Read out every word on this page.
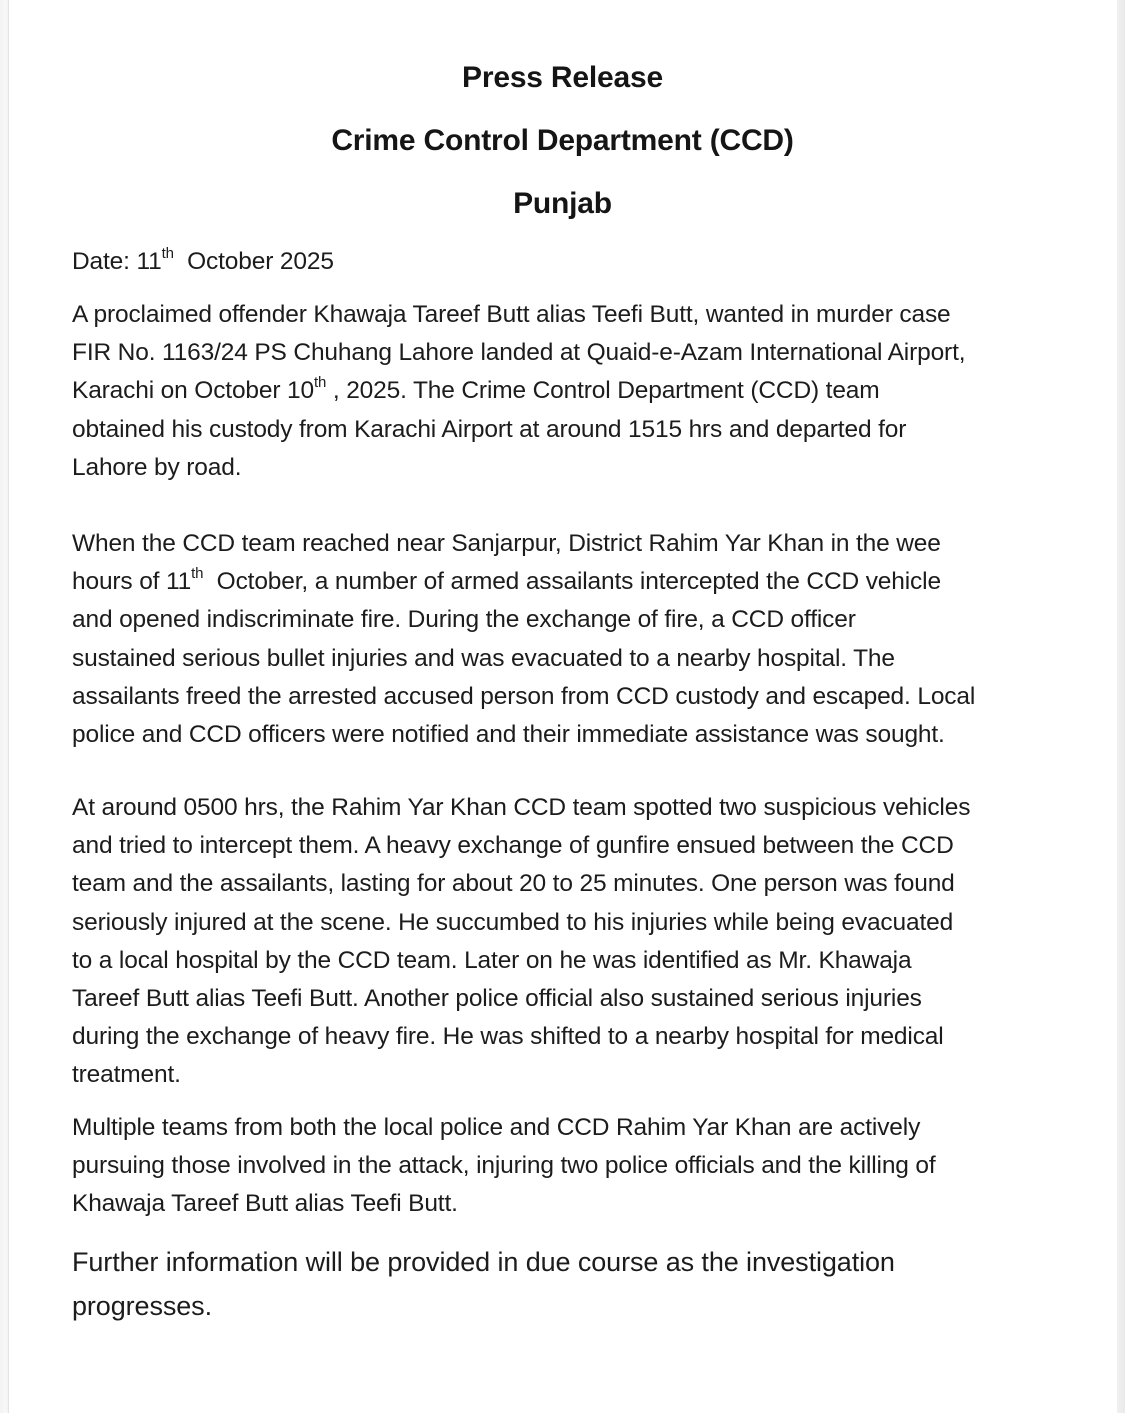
Press Release
Crime Control Department (CCD)
Punjab

Date: 11th  October 2025

A proclaimed offender Khawaja Tareef Butt alias Teefi Butt, wanted in murder case
FIR No. 1163/24 PS Chuhang Lahore landed at Quaid-e-Azam International Airport,
Karachi on October 10th , 2025. The Crime Control Department (CCD) team
obtained his custody from Karachi Airport at around 1515 hrs and departed for
Lahore by road.

When the CCD team reached near Sanjarpur, District Rahim Yar Khan in the wee
hours of 11th  October, a number of armed assailants intercepted the CCD vehicle
and opened indiscriminate fire. During the exchange of fire, a CCD officer
sustained serious bullet injuries and was evacuated to a nearby hospital. The
assailants freed the arrested accused person from CCD custody and escaped. Local
police and CCD officers were notified and their immediate assistance was sought.

At around 0500 hrs, the Rahim Yar Khan CCD team spotted two suspicious vehicles
and tried to intercept them. A heavy exchange of gunfire ensued between the CCD
team and the assailants, lasting for about 20 to 25 minutes. One person was found
seriously injured at the scene. He succumbed to his injuries while being evacuated
to a local hospital by the CCD team. Later on he was identified as Mr. Khawaja
Tareef Butt alias Teefi Butt. Another police official also sustained serious injuries
during the exchange of heavy fire. He was shifted to a nearby hospital for medical
treatment.

Multiple teams from both the local police and CCD Rahim Yar Khan are actively
pursuing those involved in the attack, injuring two police officials and the killing of
Khawaja Tareef Butt alias Teefi Butt.

Further information will be provided in due course as the investigation
progresses.
